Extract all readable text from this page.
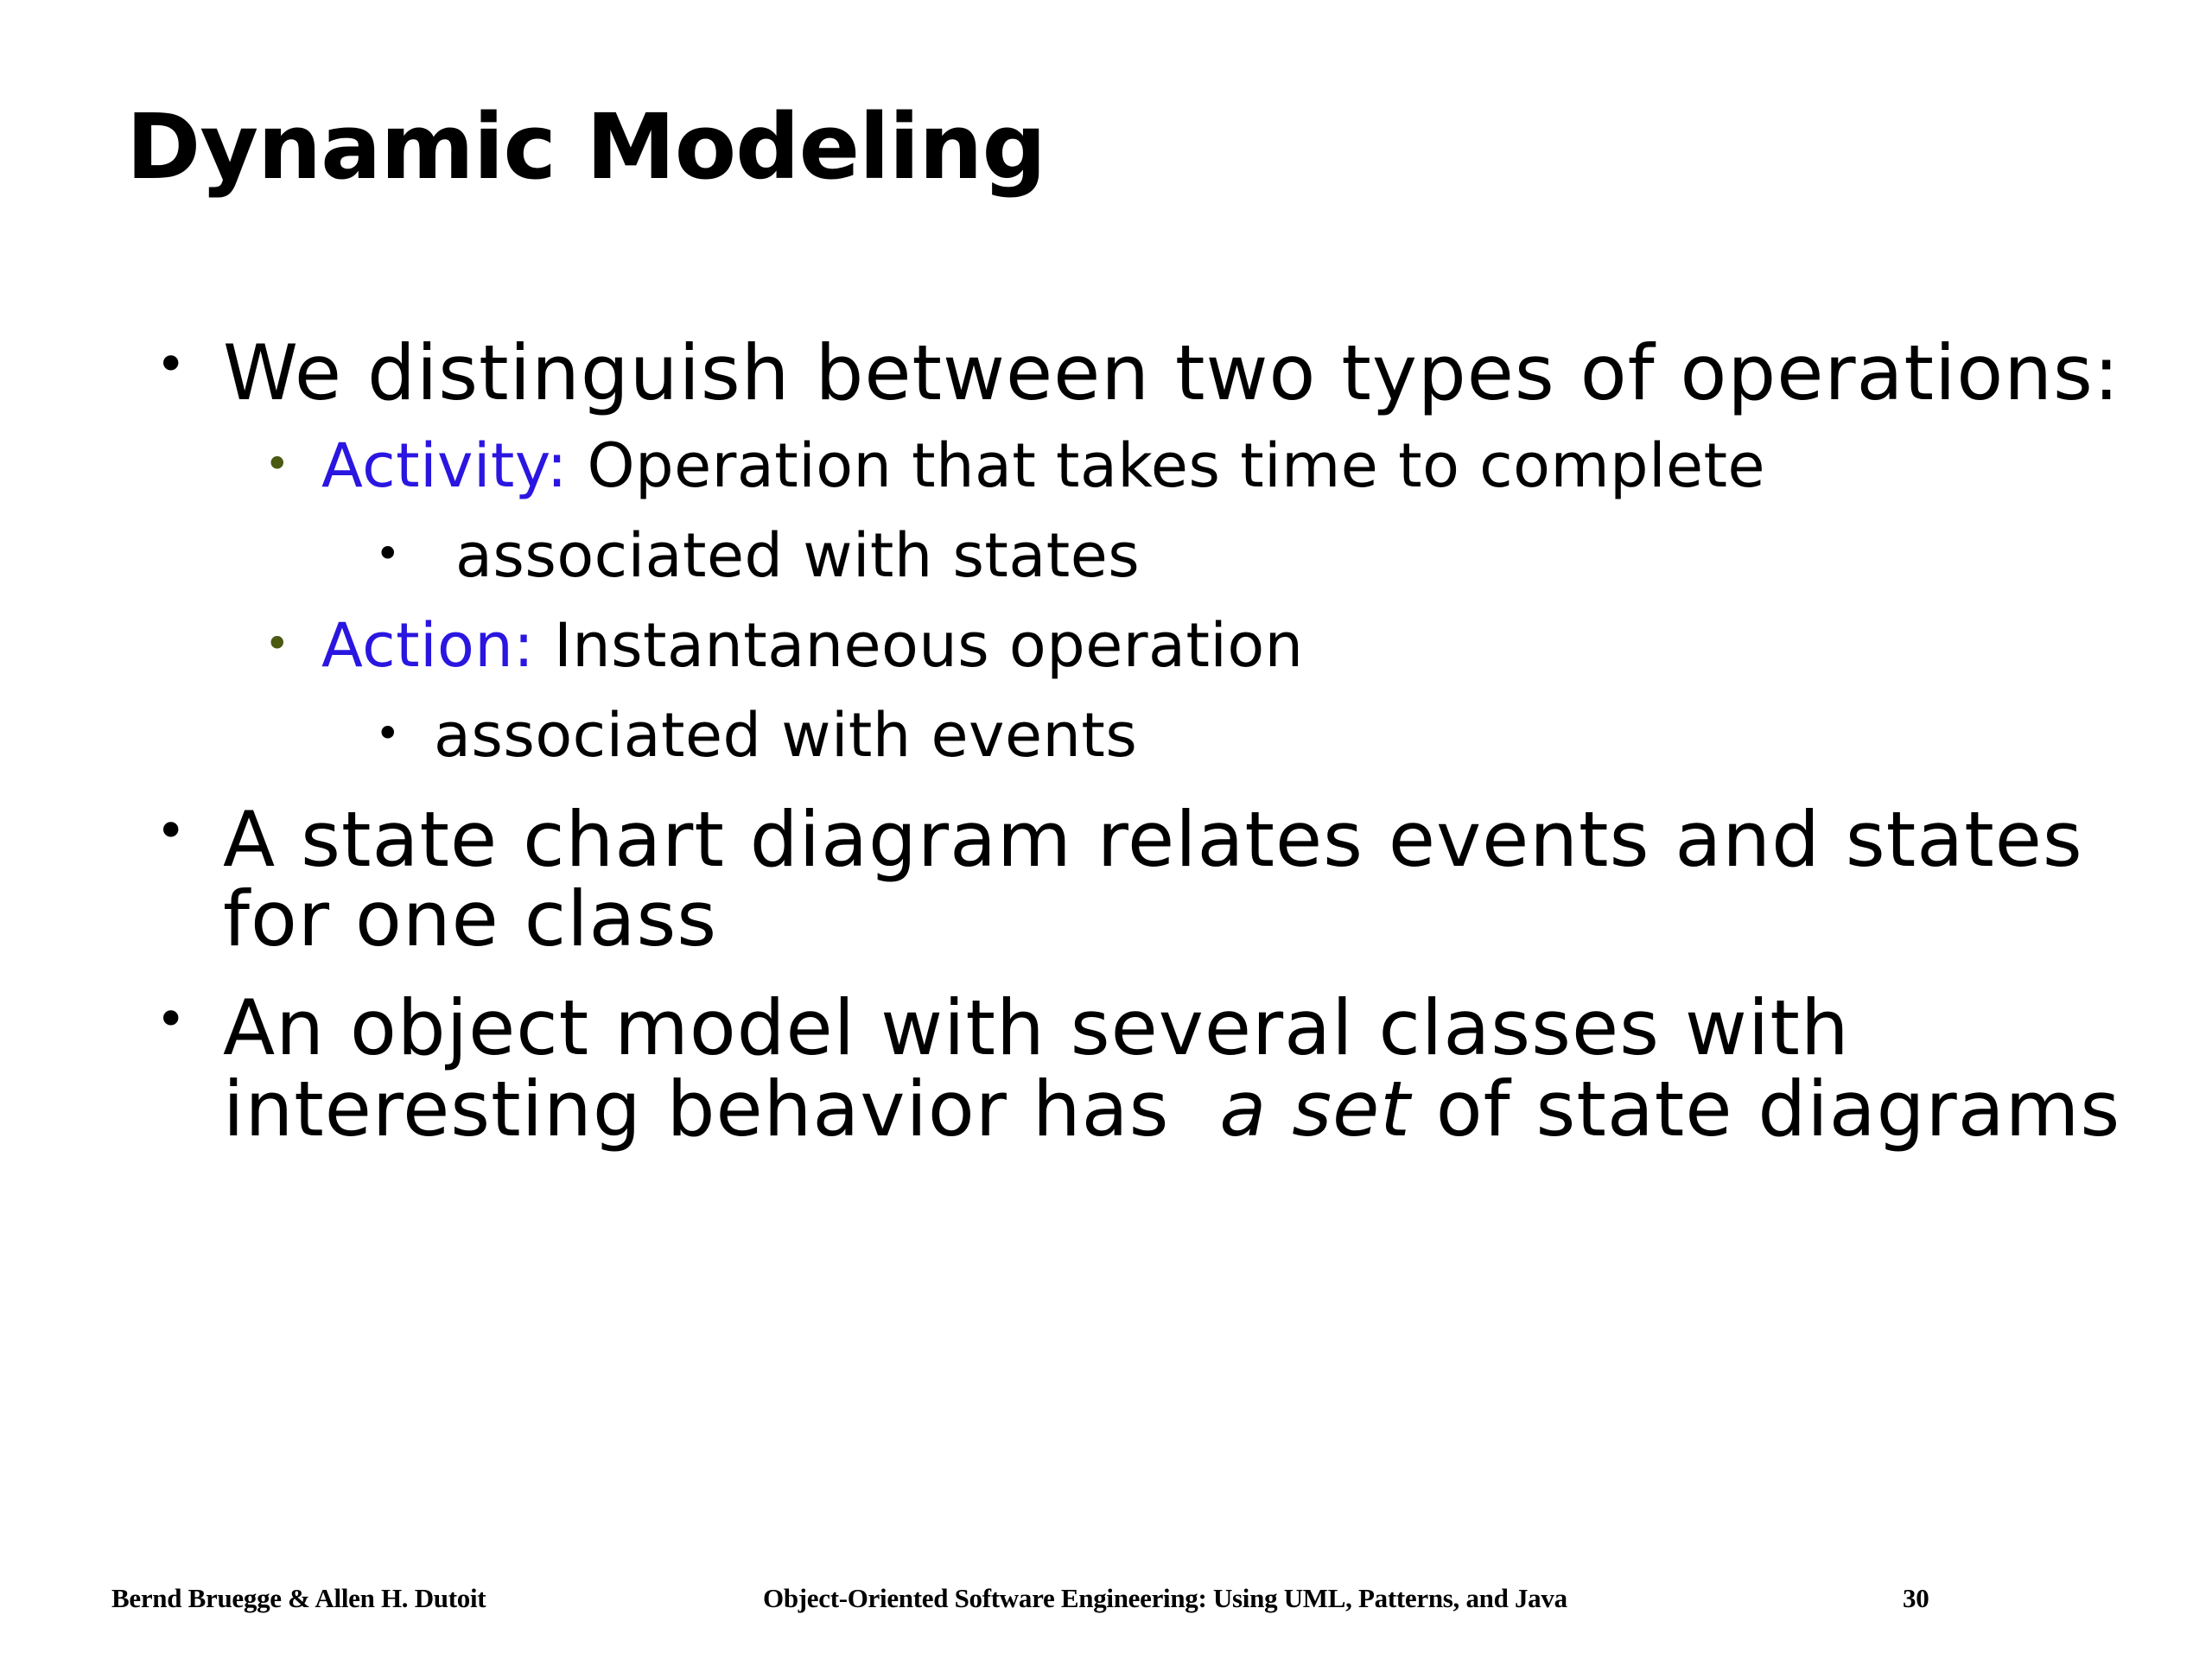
Dynamic Modeling
• We distinguish between two types of operations:
• Activity: Operation that takes time to complete
• associated with states
• Action: Instantaneous operation
• associated with events
• A state chart diagram relates events and states
for one class
• An object model with several classes with
interesting behavior has  a set of state diagrams
Bernd Bruegge & Allen H. Dutoit	Object-Oriented Software Engineering: Using UML, Patterns, and Java	30
